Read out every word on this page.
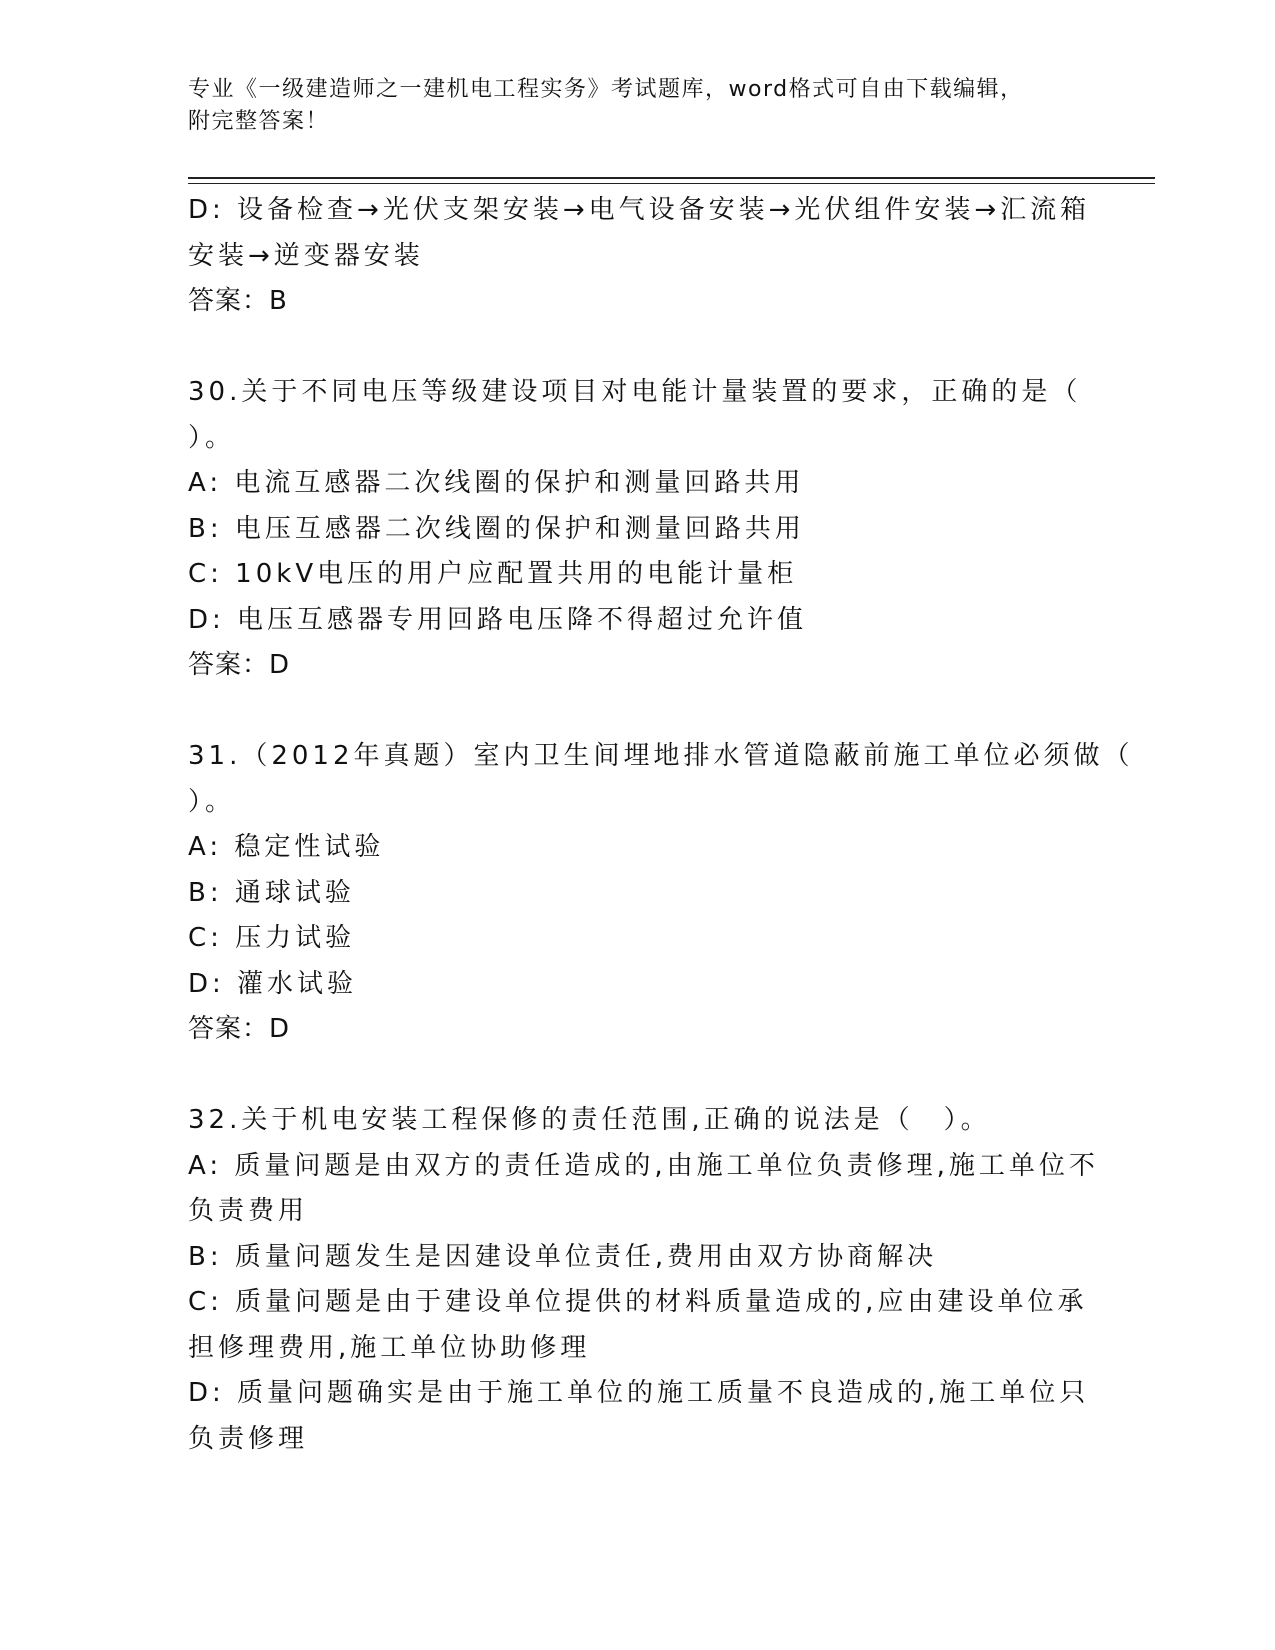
专业《一级建造师之一建机电工程实务》考试题库，word格式可自由下载编辑，
附完整答案！
D: 设备检查→光伏支架安装→电气设备安装→光伏组件安装→汇流箱
安装→逆变器安装
答案：B
30.关于不同电压等级建设项目对电能计量装置的要求，正确的是（
）。
A: 电流互感器二次线圈的保护和测量回路共用
B: 电压互感器二次线圈的保护和测量回路共用
C: 10kV电压的用户应配置共用的电能计量柜
D: 电压互感器专用回路电压降不得超过允许值
答案：D
31.（2012年真题）室内卫生间埋地排水管道隐蔽前施工单位必须做（
）。
A: 稳定性试验
B: 通球试验
C: 压力试验
D: 灌水试验
答案：D
32.关于机电安装工程保修的责任范围,正确的说法是（　）。
A: 质量问题是由双方的责任造成的,由施工单位负责修理,施工单位不
负责费用
B: 质量问题发生是因建设单位责任,费用由双方协商解决
C: 质量问题是由于建设单位提供的材料质量造成的,应由建设单位承
担修理费用,施工单位协助修理
D: 质量问题确实是由于施工单位的施工质量不良造成的,施工单位只
负责修理
